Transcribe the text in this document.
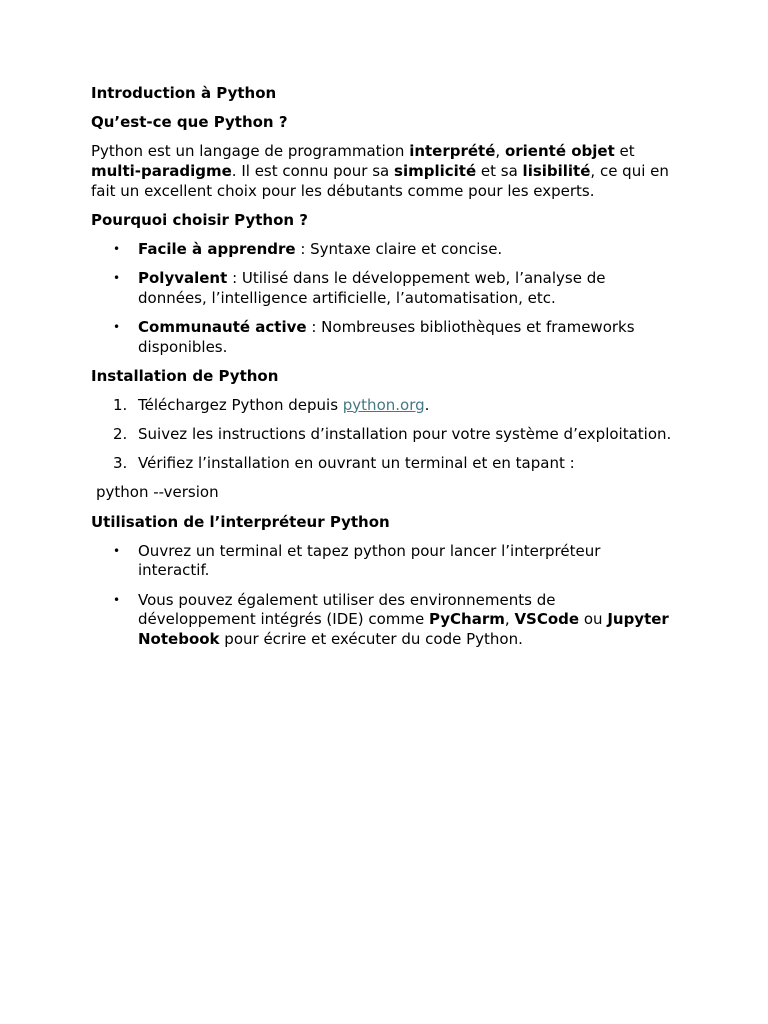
Introduction à Python
Qu’est-ce que Python ?
Python est un langage de programmation interprété, orienté objet et multi-paradigme. Il est connu pour sa simplicité et sa lisibilité, ce qui en fait un excellent choix pour les débutants comme pour les experts.
Pourquoi choisir Python ?
• Facile à apprendre : Syntaxe claire et concise.
• Polyvalent : Utilisé dans le développement web, l’analyse de données, l’intelligence artificielle, l’automatisation, etc.
• Communauté active : Nombreuses bibliothèques et frameworks disponibles.
Installation de Python
1. Téléchargez Python depuis python.org.
2. Suivez les instructions d’installation pour votre système d’exploitation.
3. Vérifiez l’installation en ouvrant un terminal et en tapant :
python --version
Utilisation de l’interpréteur Python
• Ouvrez un terminal et tapez python pour lancer l’interpréteur interactif.
• Vous pouvez également utiliser des environnements de développement intégrés (IDE) comme PyCharm, VSCode ou Jupyter Notebook pour écrire et exécuter du code Python.
